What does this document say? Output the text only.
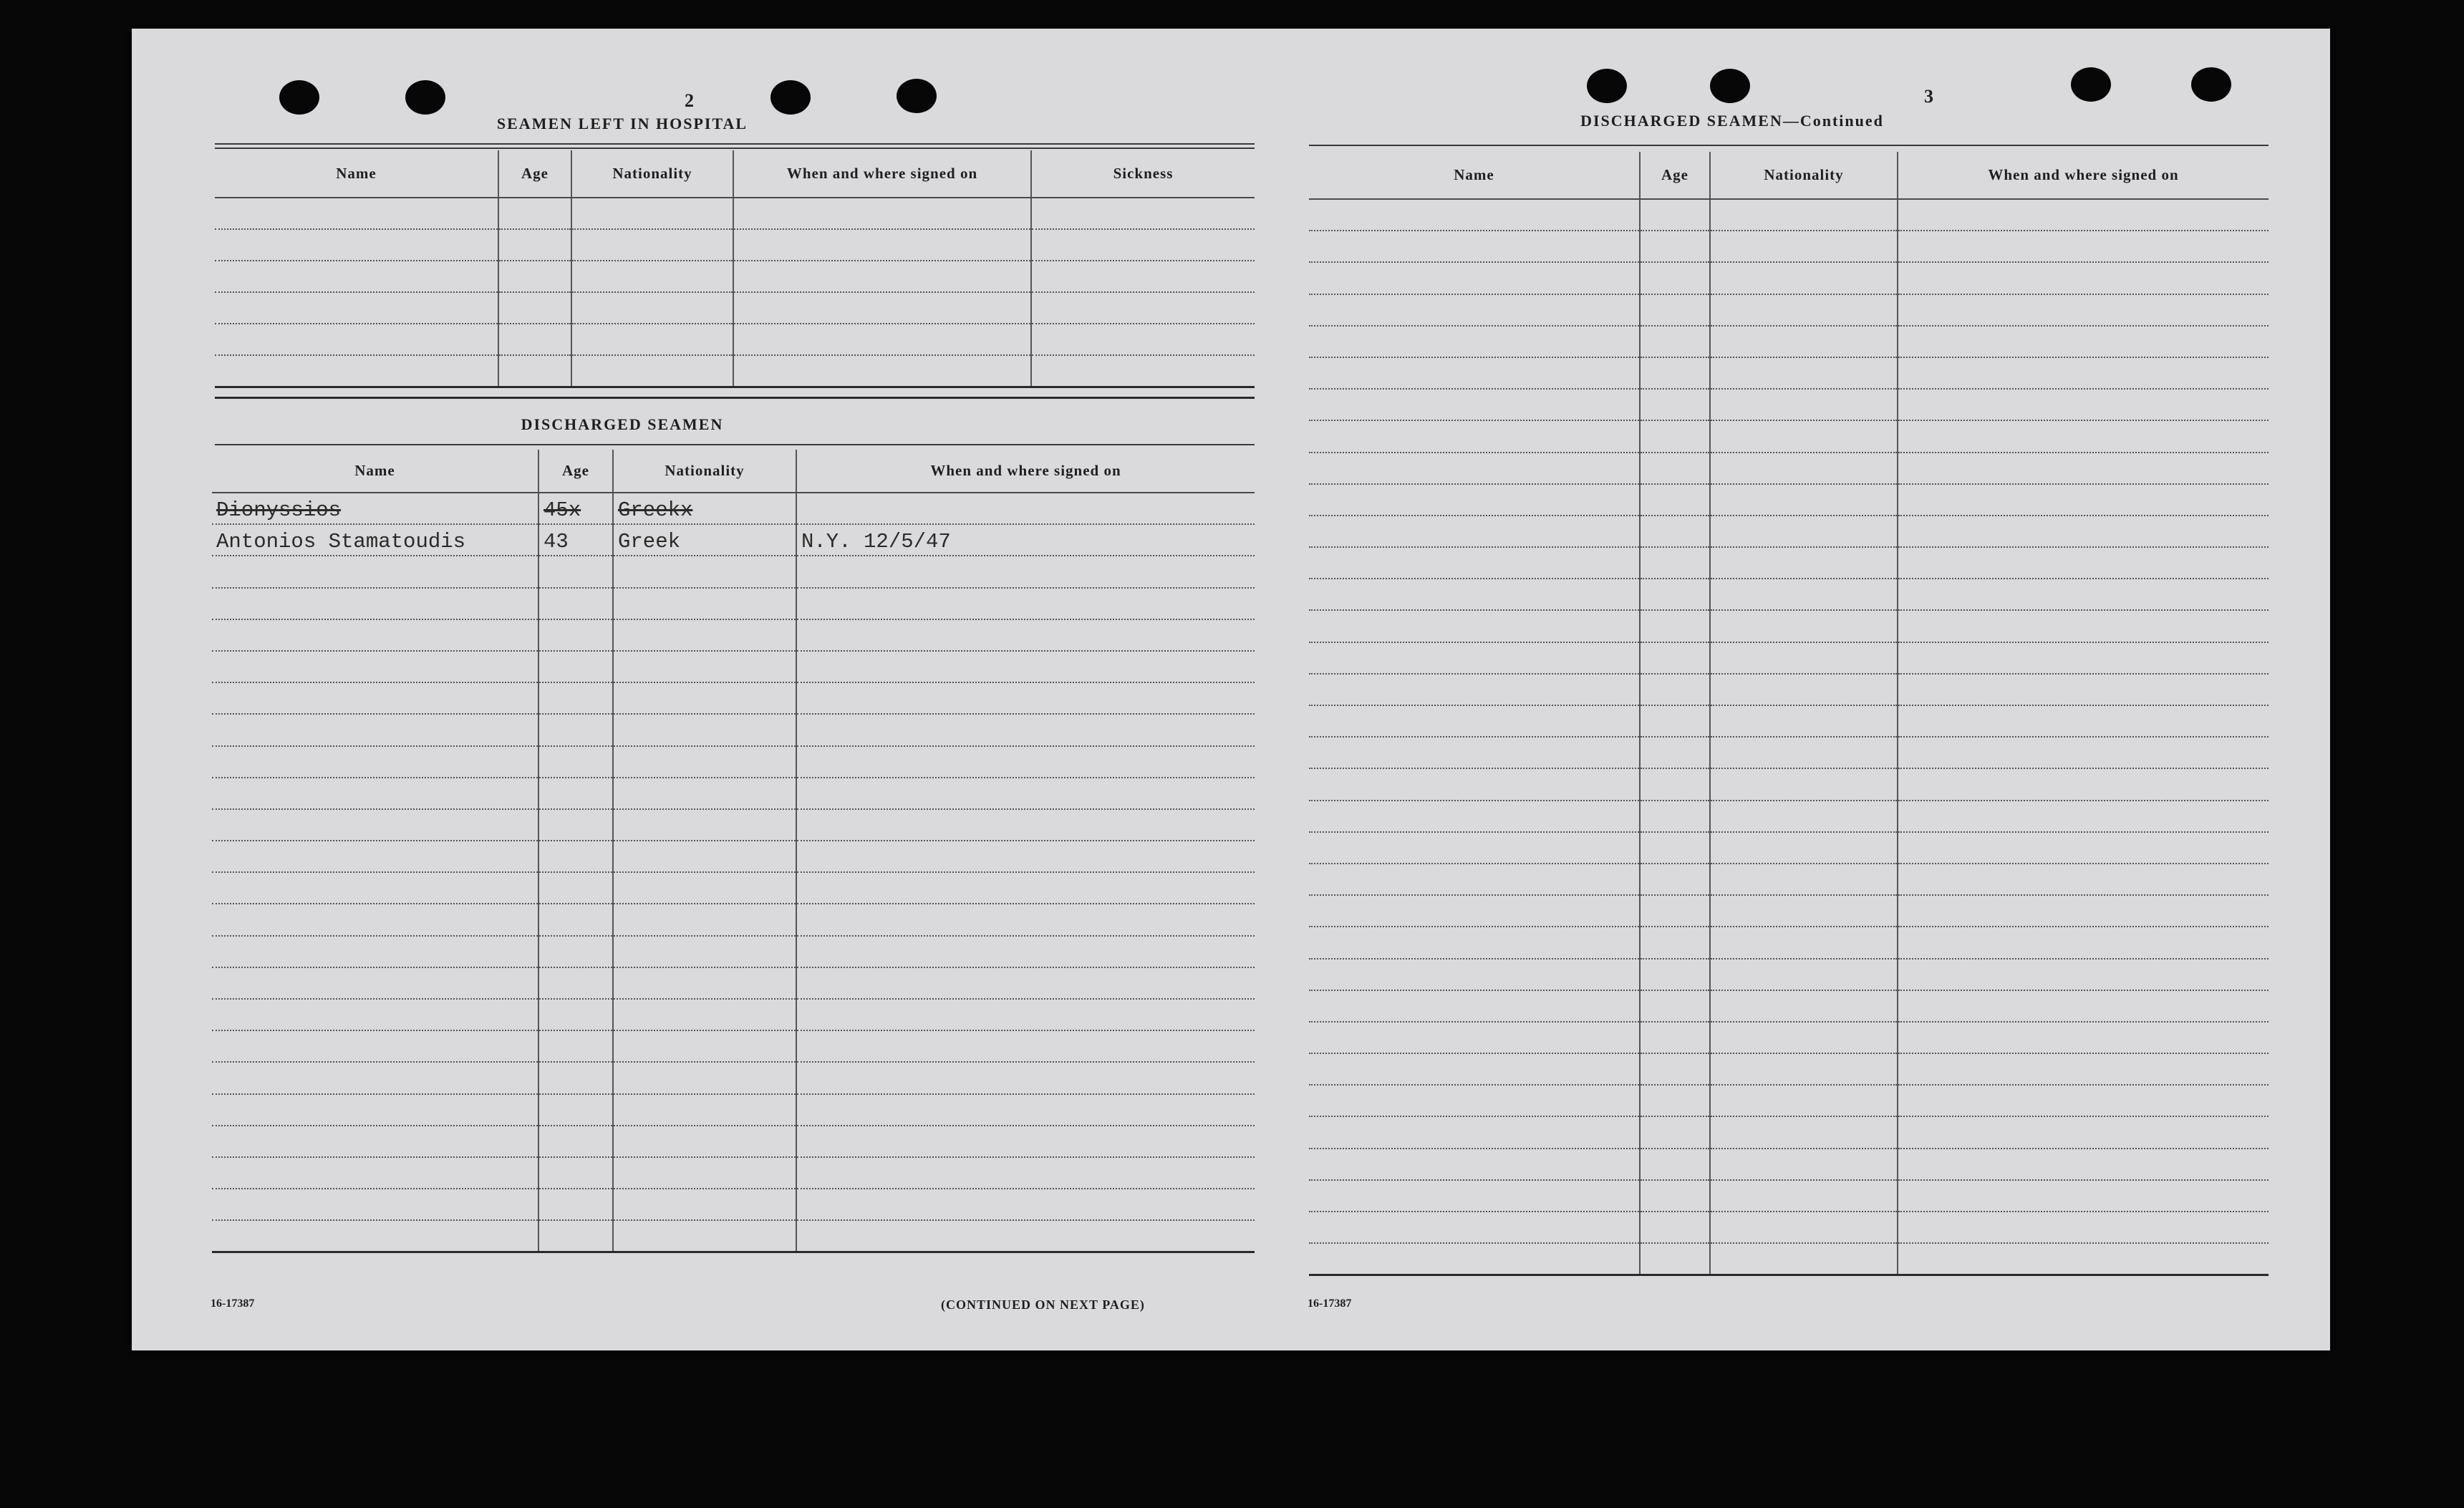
2
SEAMEN LEFT IN HOSPITAL
Name	Age	Nationality	When and where signed on	Sickness

DISCHARGED SEAMEN
Name	Age	Nationality	When and where signed on
Dionyssios	45x	Greekx	
Antonios Stamatoudis	43	Greek	N.Y. 12/5/47

16-17387	(CONTINUED ON NEXT PAGE)
3
DISCHARGED SEAMEN—Continued
Name	Age	Nationality	When and where signed on

16-17387
